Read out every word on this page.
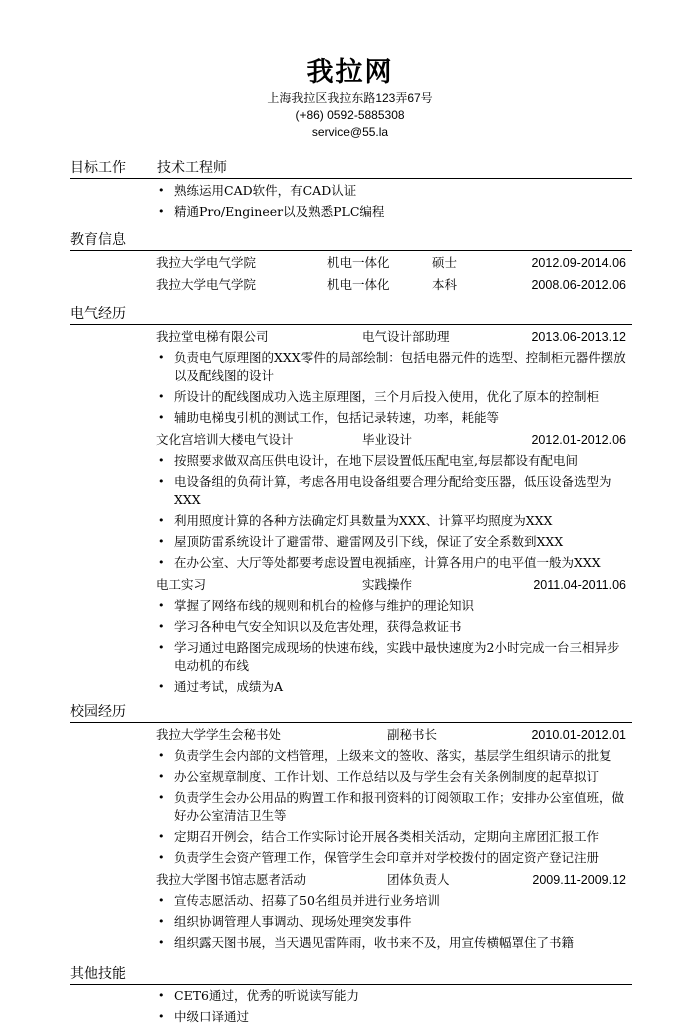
我拉网
上海我拉区我拉东路123弄67号
(+86) 0592-5885308
service@55.la
目标工作 技术工程师
• 熟练运用CAD软件，有CAD认证
• 精通Pro/Engineer以及熟悉PLC编程
教育信息
我拉大学电气学院	机电一体化	硕士	2012.09-2014.06
我拉大学电气学院	机电一体化	本科	2008.06-2012.06
电气经历
我拉堂电梯有限公司	电气设计部助理	2013.06-2013.12
• 负责电气原理图的XXX零件的局部绘制：包括电器元件的选型、控制柜元器件摆放以及配线图的设计
• 所设计的配线图成功入选主原理图，三个月后投入使用，优化了原本的控制柜
• 辅助电梯曳引机的测试工作，包括记录转速，功率，耗能等
文化宫培训大楼电气设计	毕业设计	2012.01-2012.06
• 按照要求做双高压供电设计，在地下层设置低压配电室,每层都设有配电间
• 电设备组的负荷计算，考虑各用电设备组要合理分配给变压器，低压设备选型为XXX
• 利用照度计算的各种方法确定灯具数量为XXX、计算平均照度为XXX
• 屋顶防雷系统设计了避雷带、避雷网及引下线，保证了安全系数到XXX
• 在办公室、大厅等处都要考虑设置电视插座，计算各用户的电平值一般为XXX
电工实习	实践操作	2011.04-2011.06
• 掌握了网络布线的规则和机台的检修与维护的理论知识
• 学习各种电气安全知识以及危害处理，获得急救证书
• 学习通过电路图完成现场的快速布线，实践中最快速度为2小时完成一台三相异步电动机的布线
• 通过考试，成绩为A
校园经历
我拉大学学生会秘书处	副秘书长	2010.01-2012.01
• 负责学生会内部的文档管理，上级来文的签收、落实，基层学生组织请示的批复
• 办公室规章制度、工作计划、工作总结以及与学生会有关条例制度的起草拟订
• 负责学生会办公用品的购置工作和报刊资料的订阅领取工作；安排办公室值班，做好办公室清洁卫生等
• 定期召开例会，结合工作实际讨论开展各类相关活动，定期向主席团汇报工作
• 负责学生会资产管理工作，保管学生会印章并对学校拨付的固定资产登记注册
我拉大学图书馆志愿者活动	团体负责人	2009.11-2009.12
• 宣传志愿活动、招募了50名组员并进行业务培训
• 组织协调管理人事调动、现场处理突发事件
• 组织露天图书展，当天遇见雷阵雨，收书来不及，用宣传横幅罩住了书籍
其他技能
• CET6通过，优秀的听说读写能力
• 中级口译通过
